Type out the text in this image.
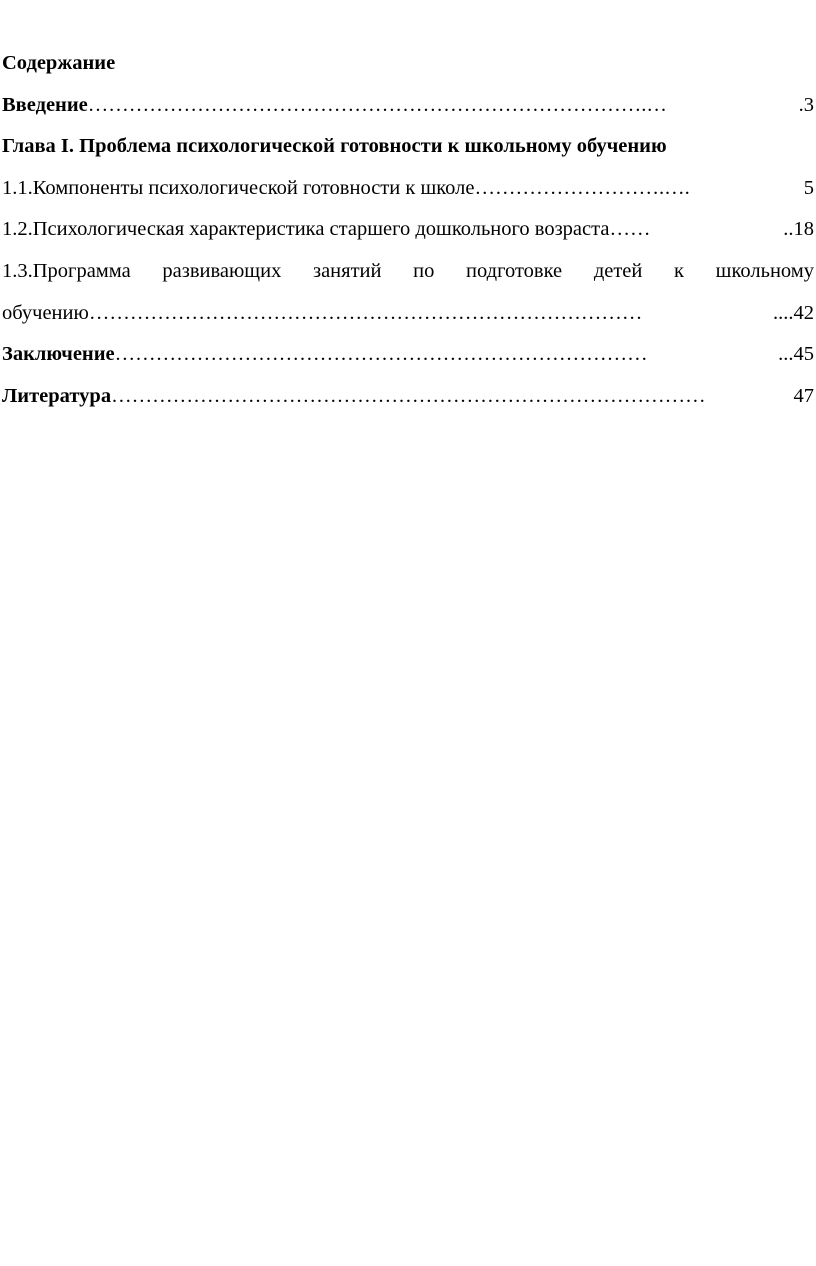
Содержание
Введение ……………………………………………………………………….…	.3
Глава I. Проблема психологической готовности к школьному обучению
1.1.Компоненты психологической готовности к школе ……………………….….	5
1.2.Психологическая характеристика старшего дошкольного возраста ……	..18
1.3.Программа развивающих занятий по подготовке детей к школьному
обучению ………………………………………………………………………	....42
Заключение ……………………………………………………………………	...45
Литература ……………………………………………………………………………	47
